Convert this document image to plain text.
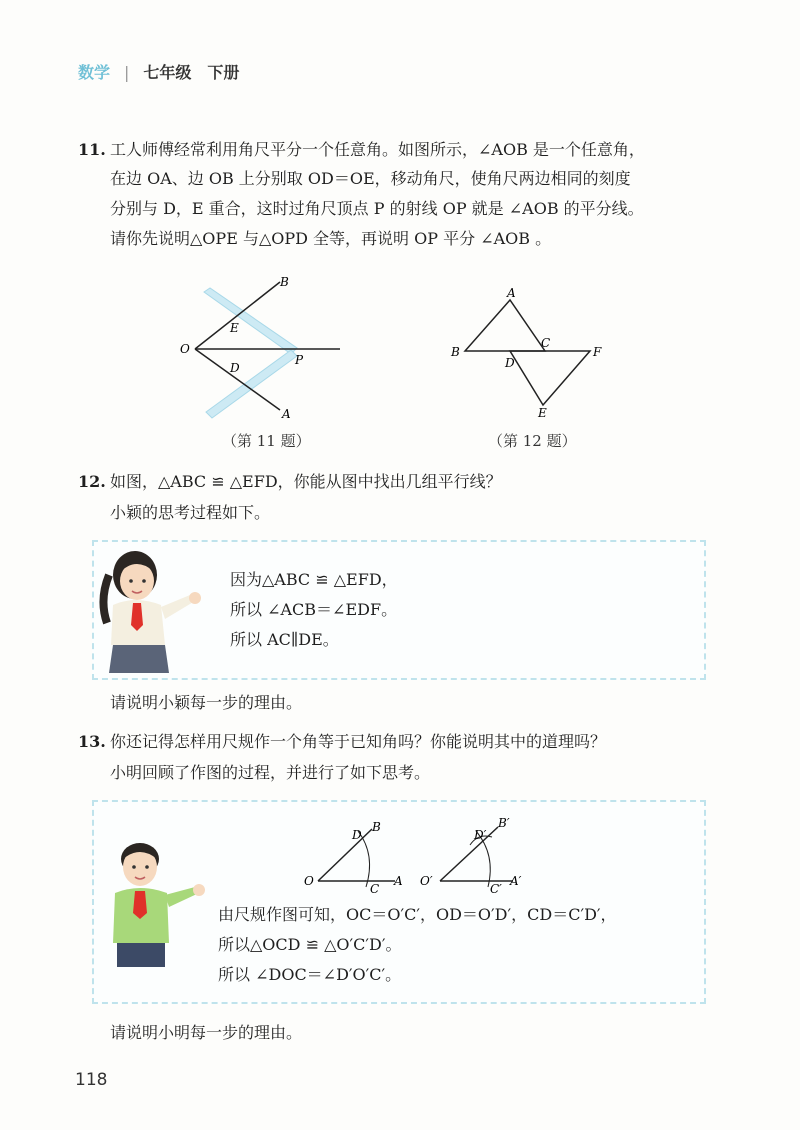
数学 | 七年级　下册
11. 工人师傅经常利用角尺平分一个任意角。如图所示，∠AOB 是一个任意角，
在边 OA、边 OB 上分别取 OD＝OE，移动角尺，使角尺两边相同的刻度
分别与 D，E 重合，这时过角尺顶点 P 的射线 OP 就是 ∠AOB 的平分线。
请你先说明△OPE 与△OPD 全等，再说明 OP 平分 ∠AOB 。
B
A
O
E
D
P
（第 11 题）
A
B
C
D
F
E
（第 12 题）
12. 如图，△ABC ≌ △EFD，你能从图中找出几组平行线？
小颖的思考过程如下。
因为△ABC ≌ △EFD，
所以 ∠ACB＝∠EDF。
所以 AC∥DE。
请说明小颖每一步的理由。
13. 你还记得怎样用尺规作一个角等于已知角吗？你能说明其中的道理吗？
小明回顾了作图的过程，并进行了如下思考。
O
C
A
D
B
O′
C′
A′
D′
B′
由尺规作图可知，OC＝O′C′，OD＝O′D′，CD＝C′D′，
所以△OCD ≌ △O′C′D′。
所以 ∠DOC＝∠D′O′C′。
请说明小明每一步的理由。
118
